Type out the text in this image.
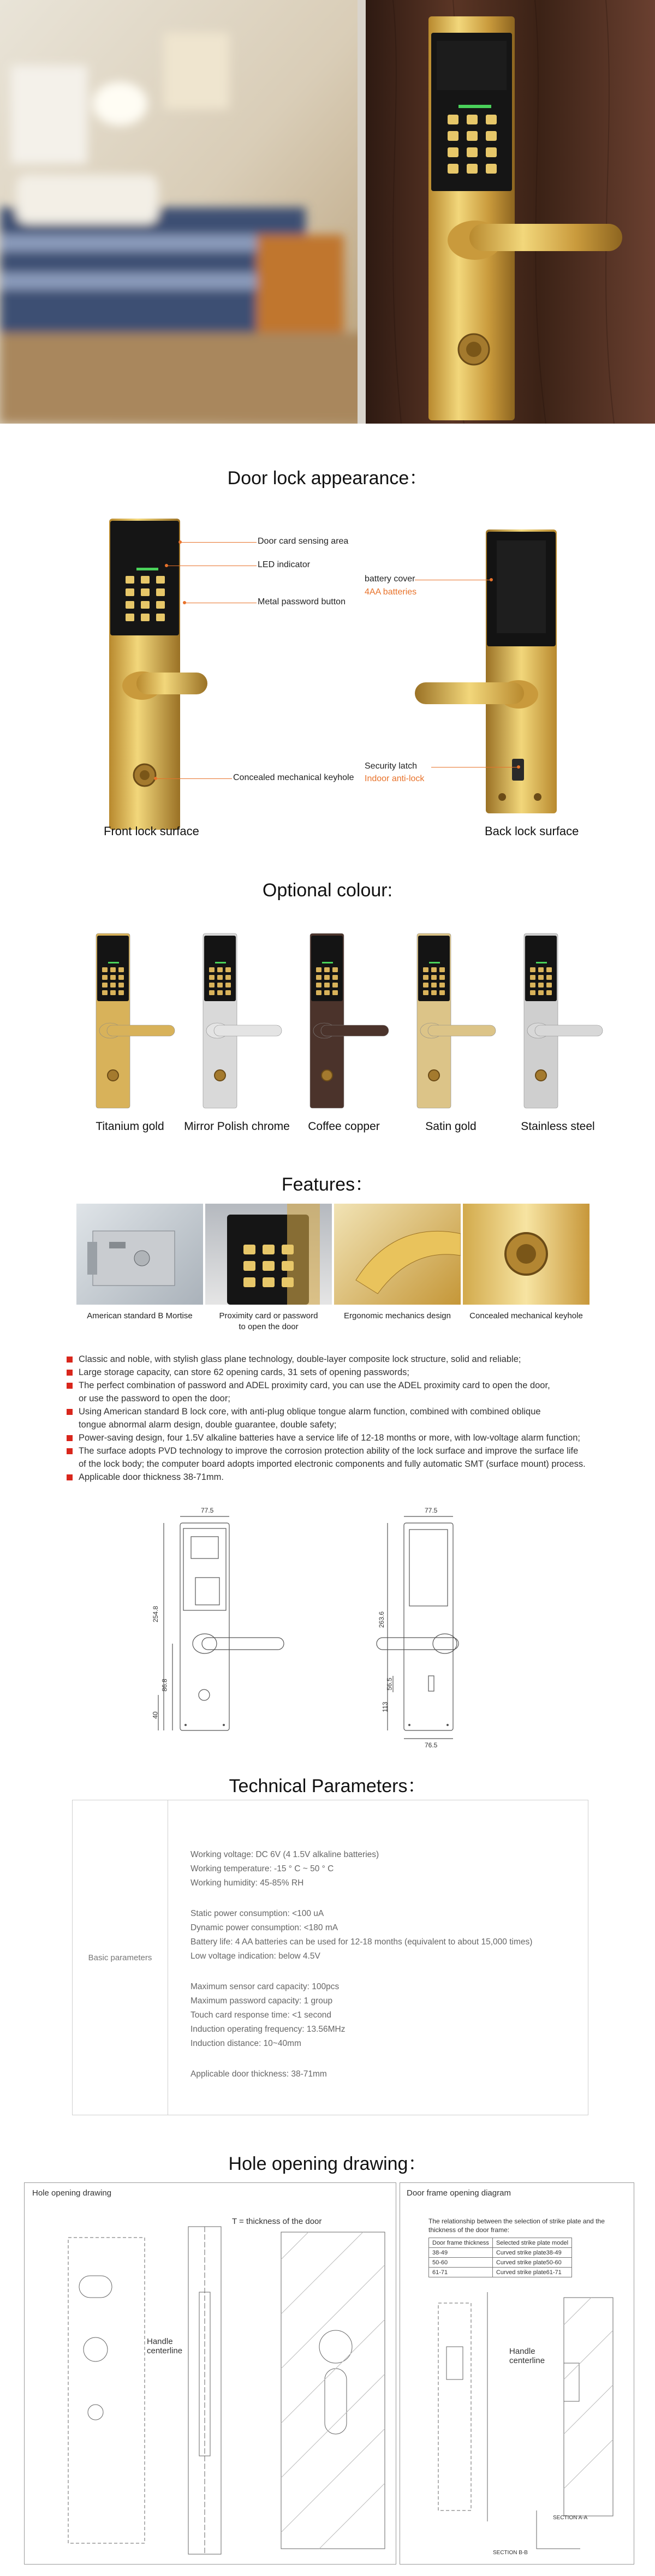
Door lock appearance：
Door card sensing area
LED indicator
Metal password button
Concealed mechanical keyhole
Front lock surface
battery cover
4AA batteries
Security latch
Indoor anti-lock
Back lock surface
Optional colour:
Titanium gold	Mirror Polish chrome	Coffee copper	Satin gold	Stainless steel
Features：
American standard B Mortise	Proximity card or password
to open the door
Ergonomic mechanics design	Concealed mechanical keyhole
Classic and noble, with stylish glass plane technology, double-layer composite lock structure, solid and reliable;
Large storage capacity, can store 62 opening cards, 31 sets of opening passwords;
The perfect combination of password and ADEL proximity card, you can use the ADEL proximity card to open the door,
or use the password to open the door;
Using American standard B lock core, with anti-plug oblique tongue alarm function, combined with combined oblique
tongue abnormal alarm design, double guarantee, double safety;
Power-saving design, four 1.5V alkaline batteries have a service life of 12-18 months or more, with low-voltage alarm function;
The surface adopts PVD technology to improve the corrosion protection ability of the lock surface and improve the surface life
of the lock body; the computer board adopts imported electronic components and fully automatic SMT (surface mount) process.
Applicable door thickness 38-71mm.
77.5
254.8
86.8
40
77.5
263.6
113
56.5
76.5
Technical Parameters：
Basic parameters
Working voltage: DC 6V (4 1.5V alkaline batteries)
Working temperature: -15 ° C ~ 50 ° C
Working humidity: 45-85% RH
Static power consumption: <100 uA
Dynamic power consumption: <180 mA
Battery life: 4 AA batteries can be used for 12-18 months (equivalent to about 15,000 times)
Low voltage indication: below 4.5V
Maximum sensor card capacity: 100pcs
Maximum password capacity: 1 group
Touch card response time: <1 second
Induction operating frequency: 13.56MHz
Induction distance: 10~40mm
Applicable door thickness: 38-71mm
Hole opening drawing：
Hole opening drawing
T = thickness of the door
Handle centerline
Door frame opening diagram
The relationship between the selection of strike plate and the thickness of the door frame:
Door frame thickness	Selected strike plate model
38-49	Curved strike plate38-49
50-60	Curved strike plate50-60
61-71	Curved strike plate61-71
Handle centerline
SECTION A-A
SECTION B-B
